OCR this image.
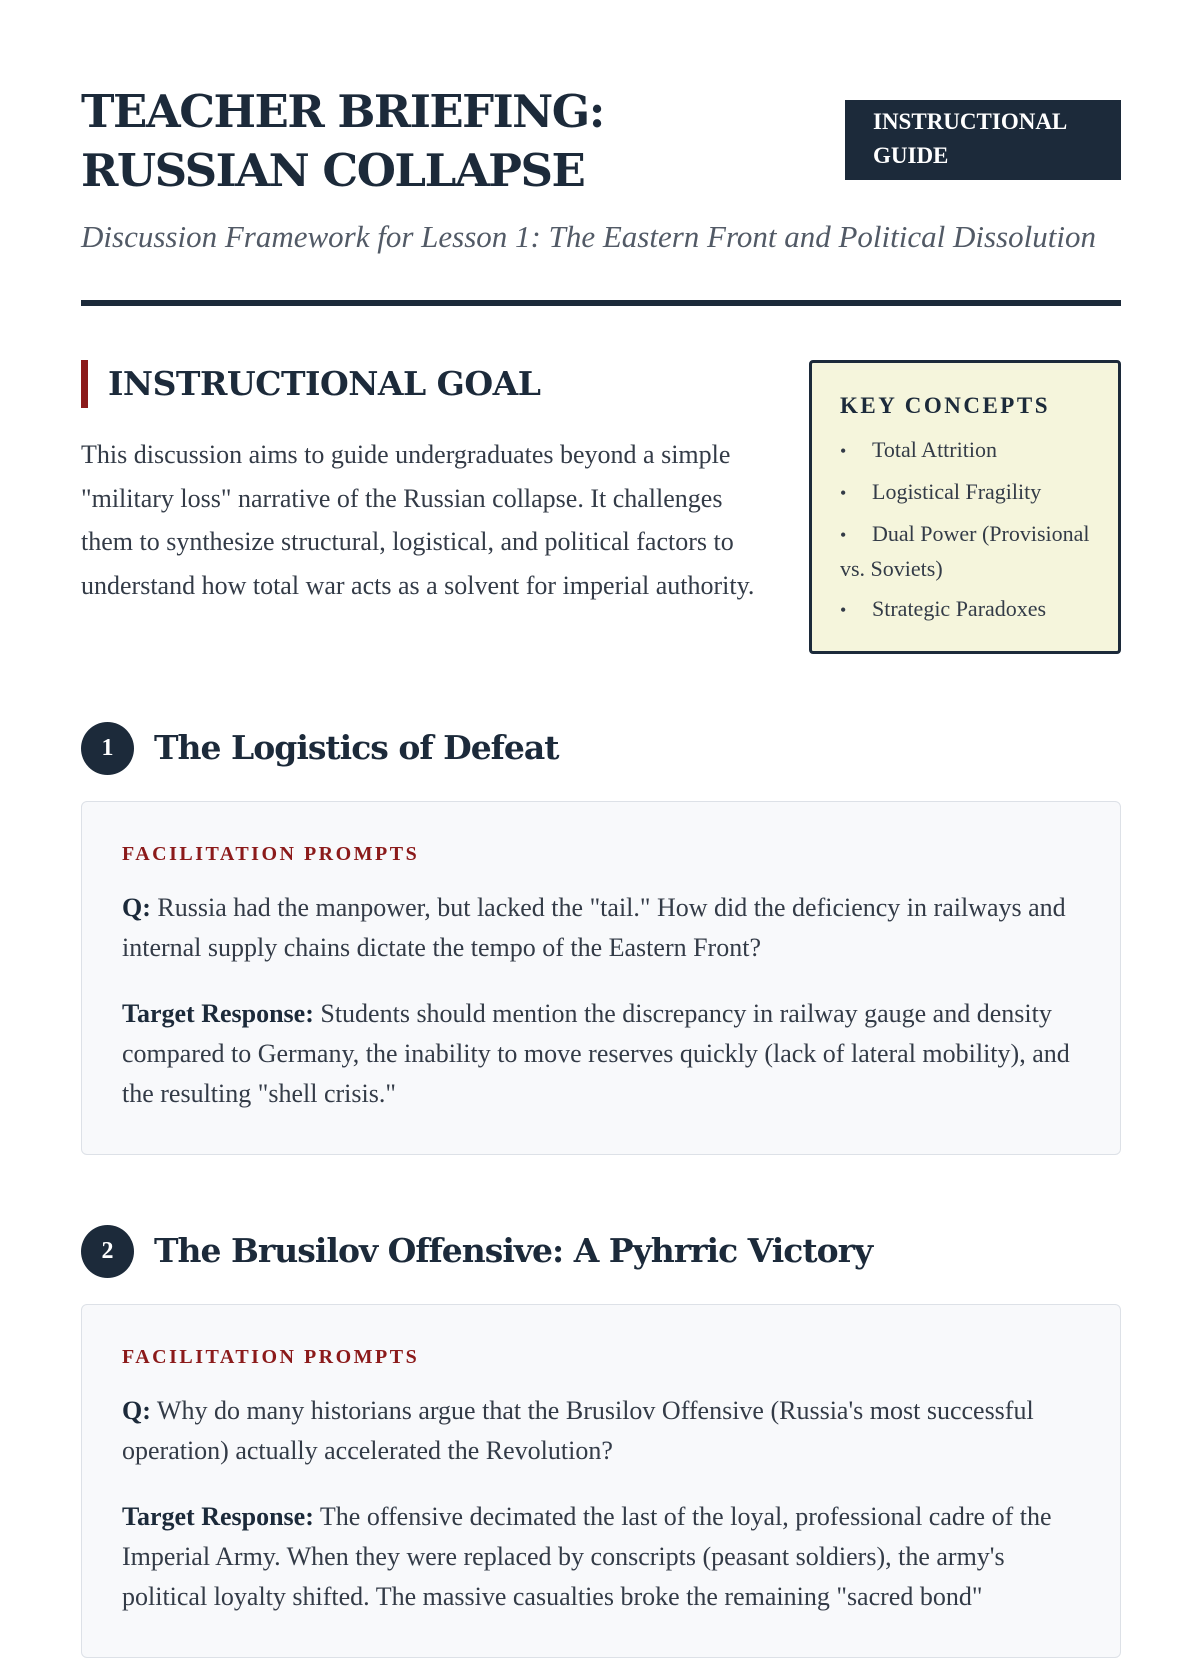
TEACHER BRIEFING: RUSSIAN COLLAPSE
INSTRUCTIONAL GUIDE

Discussion Framework for Lesson 1: The Eastern Front and Political Dissolution

INSTRUCTIONAL GOAL

This discussion aims to guide undergraduates beyond a simple "military loss" narrative of the Russian collapse. It challenges them to synthesize structural, logistical, and political factors to understand how total war acts as a solvent for imperial authority.

KEY CONCEPTS
• Total Attrition
• Logistical Fragility
• Dual Power (Provisional vs. Soviets)
• Strategic Paradoxes
1	The Logistics of Defeat

FACILITATION PROMPTS

Q: Russia had the manpower, but lacked the "tail." How did the deficiency in railways and internal supply chains dictate the tempo of the Eastern Front?

Target Response: Students should mention the discrepancy in railway gauge and density compared to Germany, the inability to move reserves quickly (lack of lateral mobility), and the resulting "shell crisis."

2	The Brusilov Offensive: A Pyhrric Victory

FACILITATION PROMPTS

Q: Why do many historians argue that the Brusilov Offensive (Russia's most successful operation) actually accelerated the Revolution?

Target Response: The offensive decimated the last of the loyal, professional cadre of the Imperial Army. When they were replaced by conscripts (peasant soldiers), the army's political loyalty shifted. The massive casualties broke the remaining "sacred bond"
